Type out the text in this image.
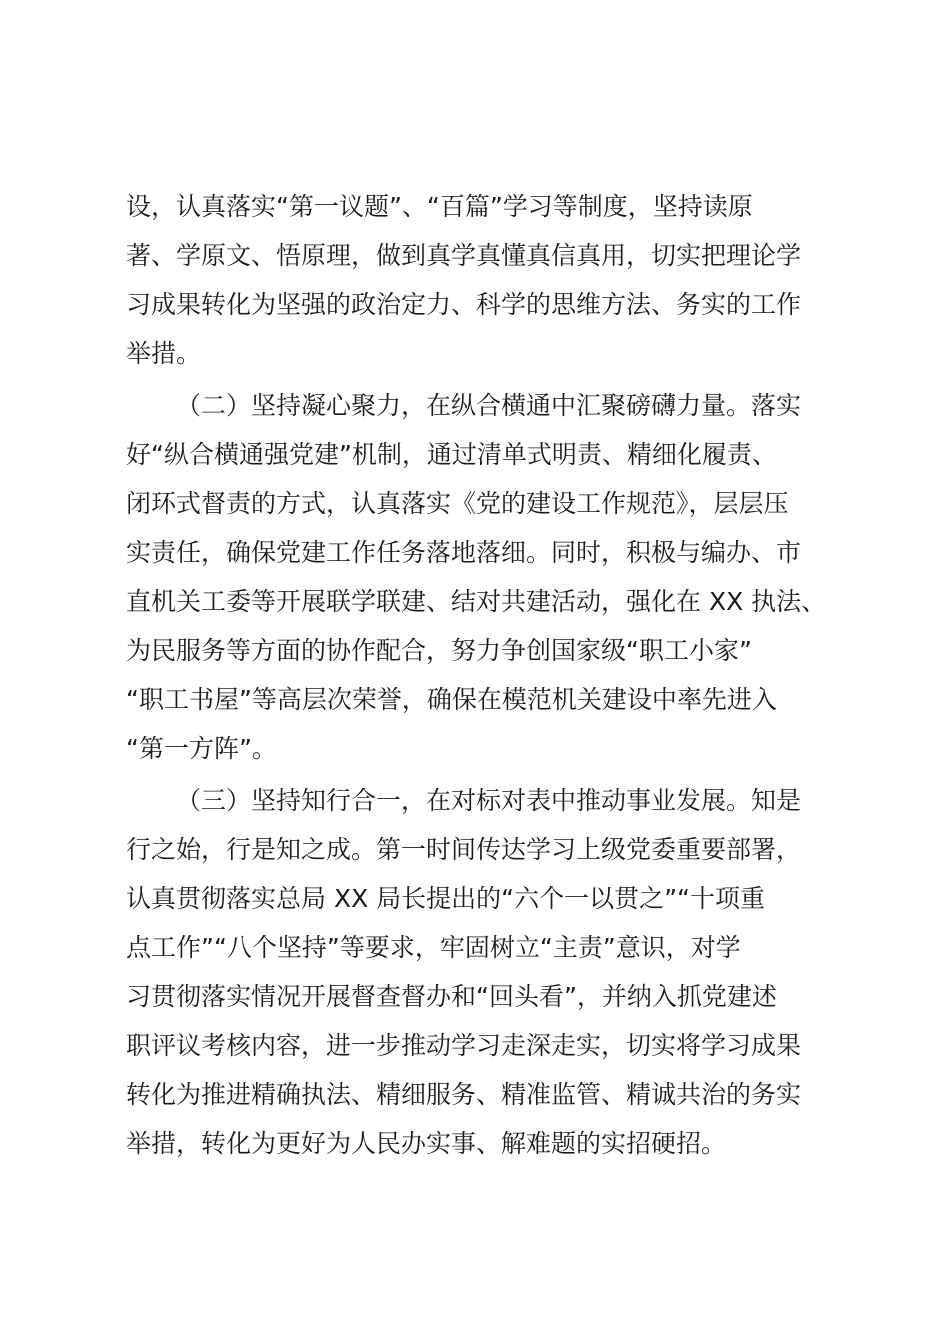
设，认真落实“第一议题”、“百篇”学习等制度，坚持读原
著、学原文、悟原理，做到真学真懂真信真用，切实把理论学
习成果转化为坚强的政治定力、科学的思维方法、务实的工作
举措。
（二）坚持凝心聚力，在纵合横通中汇聚磅礴力量。落实
好“纵合横通强党建”机制，通过清单式明责、精细化履责、
闭环式督责的方式，认真落实《党的建设工作规范》，层层压
实责任，确保党建工作任务落地落细。同时，积极与编办、市
直机关工委等开展联学联建、结对共建活动，强化在 XX 执法、
为民服务等方面的协作配合，努力争创国家级“职工小家”
“职工书屋”等高层次荣誉，确保在模范机关建设中率先进入
“第一方阵”。
（三）坚持知行合一，在对标对表中推动事业发展。知是
行之始，行是知之成。第一时间传达学习上级党委重要部署，
认真贯彻落实总局 XX 局长提出的“六个一以贯之”“十项重
点工作”“八个坚持”等要求，牢固树立“主责”意识，对学
习贯彻落实情况开展督查督办和“回头看”，并纳入抓党建述
职评议考核内容，进一步推动学习走深走实，切实将学习成果
转化为推进精确执法、精细服务、精准监管、精诚共治的务实
举措，转化为更好为人民办实事、解难题的实招硬招。
